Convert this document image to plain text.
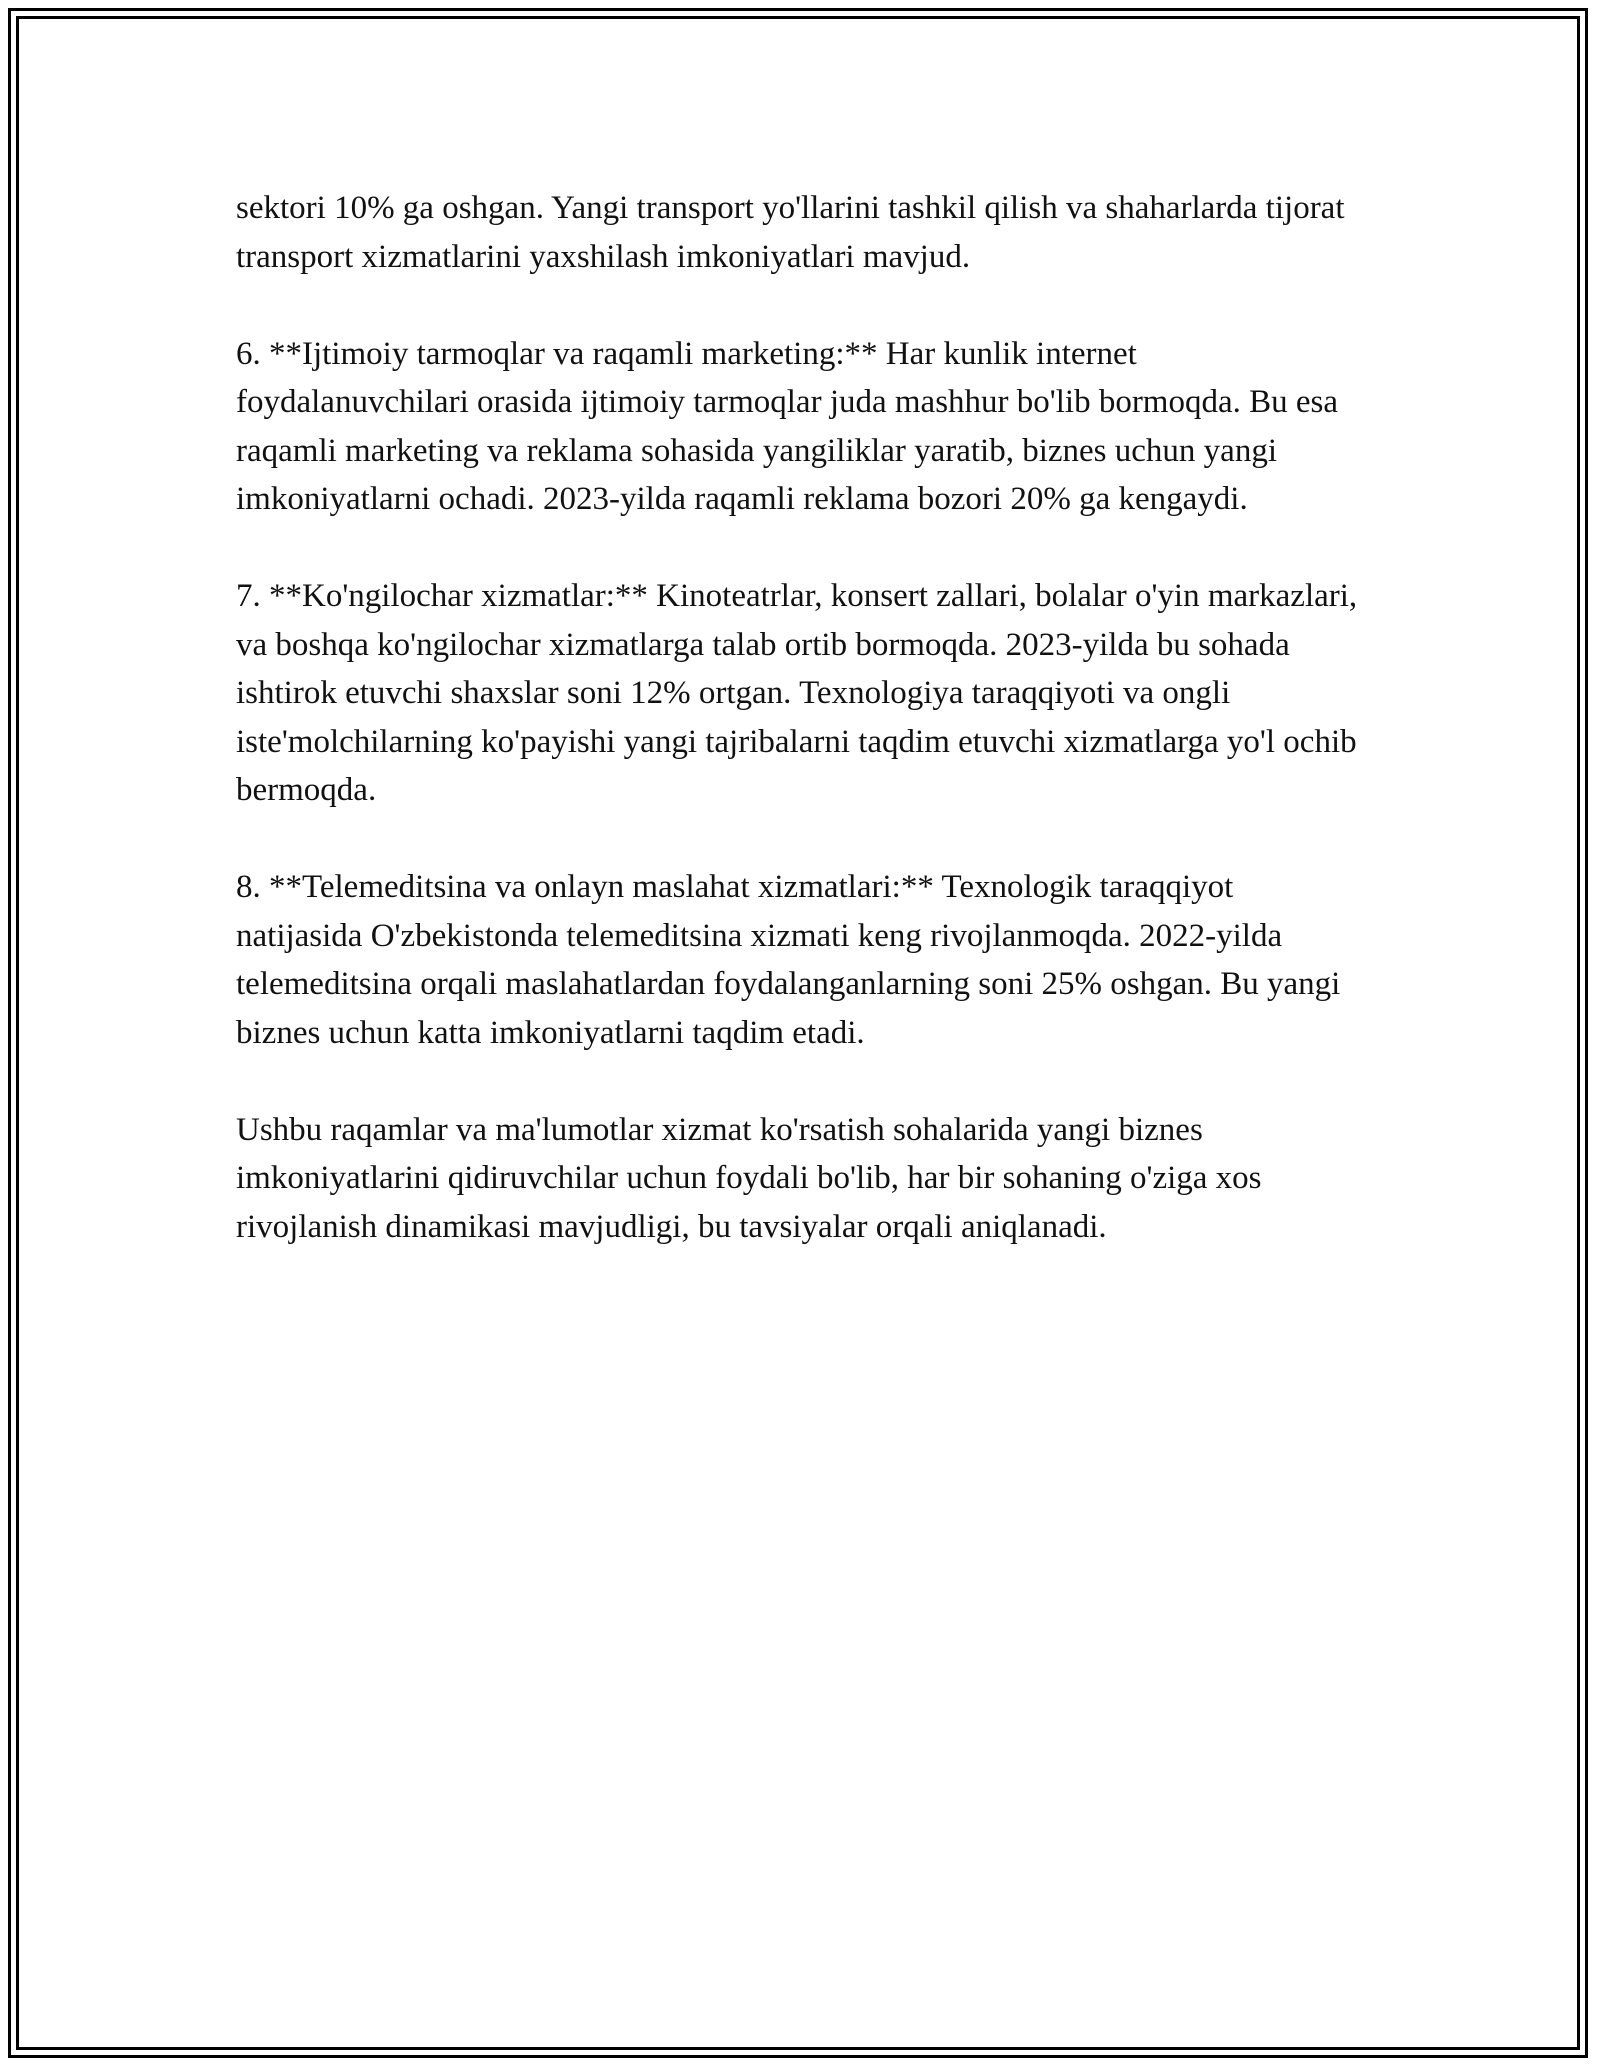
sektori 10% ga oshgan. Yangi transport yo'llarini tashkil qilish va shaharlarda tijorat transport xizmatlarini yaxshilash imkoniyatlari mavjud.

6. **Ijtimoiy tarmoqlar va raqamli marketing:** Har kunlik internet foydalanuvchilari orasida ijtimoiy tarmoqlar juda mashhur bo'lib bormoqda. Bu esa raqamli marketing va reklama sohasida yangiliklar yaratib, biznes uchun yangi imkoniyatlarni ochadi. 2023-yilda raqamli reklama bozori 20% ga kengaydi.

7. **Ko'ngilochar xizmatlar:** Kinoteatrlar, konsert zallari, bolalar o'yin markazlari, va boshqa ko'ngilochar xizmatlarga talab ortib bormoqda. 2023-yilda bu sohada ishtirok etuvchi shaxslar soni 12% ortgan. Texnologiya taraqqiyoti va ongli iste'molchilarning ko'payishi yangi tajribalarni taqdim etuvchi xizmatlarga yo'l ochib bermoqda.

8. **Telemeditsina va onlayn maslahat xizmatlari:** Texnologik taraqqiyot natijasida O'zbekistonda telemeditsina xizmati keng rivojlanmoqda. 2022-yilda telemeditsina orqali maslahatlardan foydalanganlarning soni 25% oshgan. Bu yangi biznes uchun katta imkoniyatlarni taqdim etadi.

Ushbu raqamlar va ma'lumotlar xizmat ko'rsatish sohalarida yangi biznes imkoniyatlarini qidiruvchilar uchun foydali bo'lib, har bir sohaning o'ziga xos rivojlanish dinamikasi mavjudligi, bu tavsiyalar orqali aniqlanadi.
